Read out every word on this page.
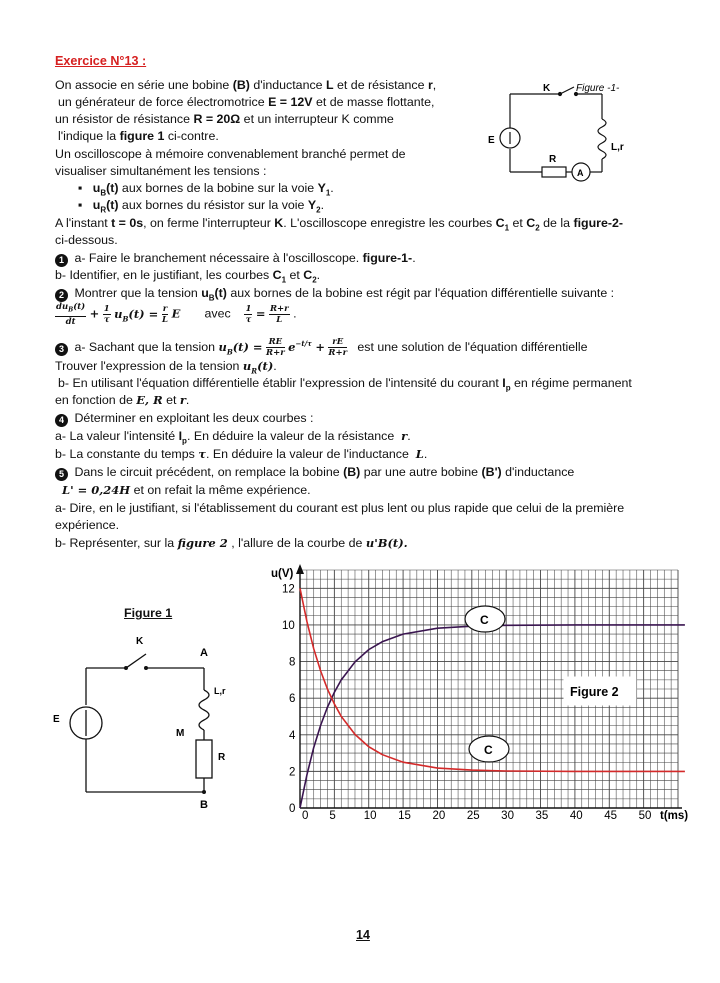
Exercice N°13 :
On associe en série une bobine (B) d'inductance L et de résistance r,
un générateur de force électromotrice E = 12V et de masse flottante,
un résistor de résistance R = 20Ω et un interrupteur K comme
l'indique la figure 1 ci-contre.
Un oscilloscope à mémoire convenablement branché permet de
visualiser simultanément les tensions :
▪   $u_B(t)$ aux bornes de la bobine sur la voie $Y_1$.
▪   $u_R(t)$ aux bornes du résistor sur la voie $Y_2$.
A l'instant t = 0s, on ferme l'interrupteur K. L'oscilloscope enregistre les courbes $C_1$ et $C_2$ de la figure-2-
ci-dessous.
1 a- Faire le branchement nécessaire à l'oscilloscope. figure-1-.
b- Identifier, en le justifiant, les courbes $C_1$ et $C_2$.
2 Montrer que la tension $u_B(t)$ aux bornes de la bobine est régit par l'équation différentielle suivante :
$\frac{du_B(t)}{dt} + \frac{1}{\tau} u_B(t) = \frac{r}{L}$ E avec $\frac{1}{\tau} = \frac{R+r}{L}$ .
3 a- Sachant que la tension $u_B(t) = \frac{RE}{R+r} e^{-t/\tau} + \frac{rE}{R+r}$ est une solution de l'équation différentielle
Trouver l'expression de la tension $u_R(t)$.
b- En utilisant l'équation différentielle établir l'expression de l'intensité du courant $I_p$ en régime permanent
en fonction de E, R et r.
4 Déterminer en exploitant les deux courbes :
a- La valeur l'intensité $I_p$. En déduire la valeur de la résistance  r.
b- La constante du temps τ. En déduire la valeur de l'inductance  L.
5 Dans le circuit précédent, on remplace la bobine (B) par une autre bobine (B') d'inductance
L' = 0,24H et on refait la même expérience.
a- Dire, en le justifiant, si l'établissement du courant est plus lent ou plus rapide que celui de la première
expérience.
b- Représenter, sur la figure 2 , l'allure de la courbe de u'B(t).
K	Figure -1-
E
L,r
R
A
Figure 1
K
A
E
L,r
M
R
B
0 5 10 15 20 25 30 35 40 45 50
0
2
4
6
8
10
12
Figure 2
u(V)
t(ms)
C
C
14
